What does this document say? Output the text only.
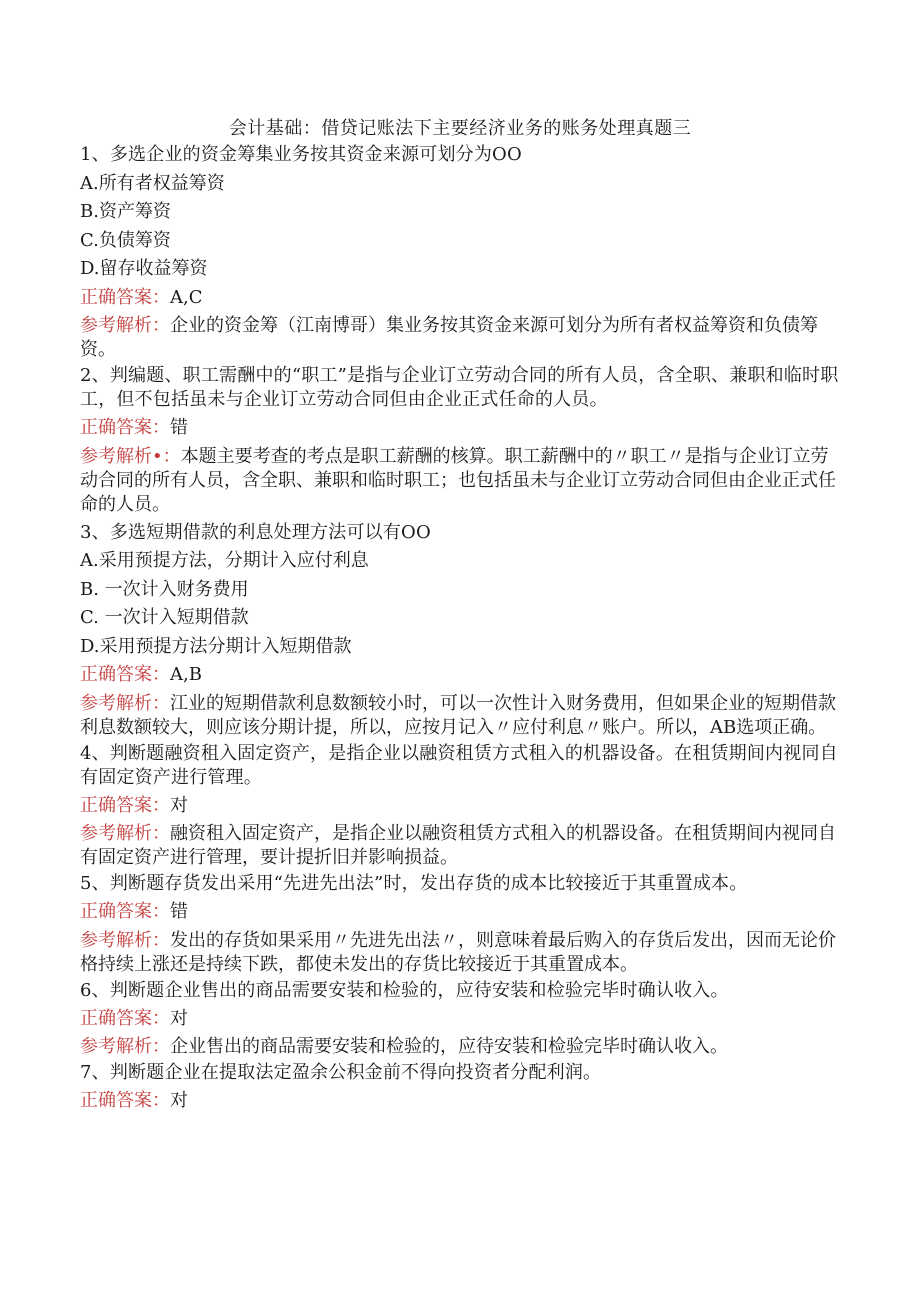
会计基础：借贷记账法下主要经济业务的账务处理真题三
1、多选企业的资金筹集业务按其资金来源可划分为OO
A.所有者权益筹资
B.资产筹资
C.负债筹资
D.留存收益筹资
正确答案：A,C
参考解析：企业的资金筹（江南博哥）集业务按其资金来源可划分为所有者权益筹资和负债筹资。
2、判编题、职工需酬中的“职工”是指与企业订立劳动合同的所有人员，含全职、兼职和临时职工，但不包括虽未与企业订立劳动合同但由企业正式任命的人员。
正确答案：错
参考解析•：本题主要考查的考点是职工薪酬的核算。职工薪酬中的〃职工〃是指与企业订立劳动合同的所有人员，含全职、兼职和临时职工；也包括虽未与企业订立劳动合同但由企业正式任命的人员。
3、多选短期借款的利息处理方法可以有OO
A.采用预提方法，分期计入应付利息
B. 一次计入财务费用
C. 一次计入短期借款
D.采用预提方法分期计入短期借款
正确答案：A,B
参考解析：江业的短期借款利息数额较小时，可以一次性计入财务费用，但如果企业的短期借款利息数额较大，则应该分期计提，所以，应按月记入〃应付利息〃账户。所以，AB选项正确。
4、判断题融资租入固定资产，是指企业以融资租赁方式租入的机器设备。在租赁期间内视同自有固定资产进行管理。
正确答案：对
参考解析：融资租入固定资产，是指企业以融资租赁方式租入的机器设备。在租赁期间内视同自有固定资产进行管理，要计提折旧并影响损益。
5、判断题存货发出采用“先进先出法”时，发出存货的成本比较接近于其重置成本。
正确答案：错
参考解析：发出的存货如果采用〃先进先出法〃，则意味着最后购入的存货后发出，因而无论价格持续上涨还是持续下跌，都使未发出的存货比较接近于其重置成本。
6、判断题企业售出的商品需要安装和检验的，应待安装和检验完毕时确认收入。
正确答案：对
参考解析：企业售出的商品需要安装和检验的，应待安装和检验完毕时确认收入。
7、判断题企业在提取法定盈余公积金前不得向投资者分配利润。
正确答案：对
